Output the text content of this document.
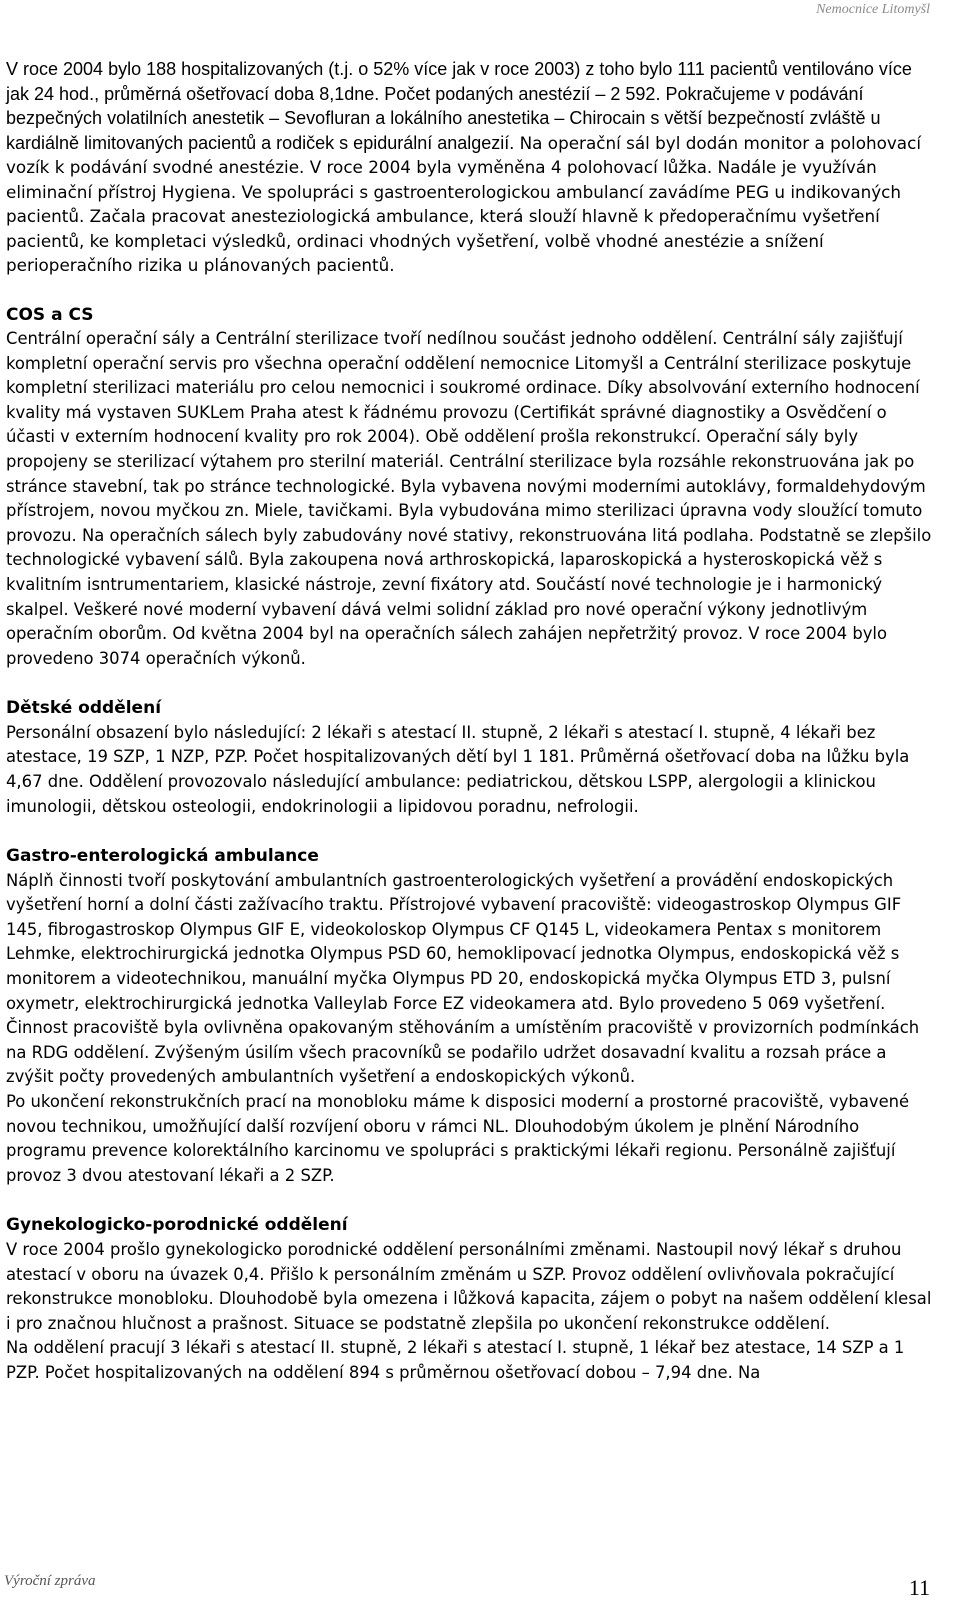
Nemocnice Litomyšl

V roce 2004 bylo 188 hospitalizovaných (t.j. o 52% více jak v roce 2003) z toho bylo 111 pacientů ventilováno více jak 24 hod., průměrná ošetřovací doba 8,1dne. Počet podaných anestézií – 2 592. Pokračujeme v podávání bezpečných volatilních anestetik – Sevofluran a lokálního anestetika – Chirocain s větší bezpečností zvláště u kardiálně limitovaných pacientů a rodiček s epidurální analgezií. Na operační sál byl dodán monitor a polohovací vozík k podávání svodné anestézie. V roce 2004 byla vyměněna 4 polohovací lůžka. Nadále je využíván eliminační přístroj Hygiena. Ve spolupráci s gastroenterologickou ambulancí zavádíme PEG u indikovaných pacientů. Začala pracovat anesteziologická ambulance, která slouží hlavně k předoperačnímu vyšetření pacientů, ke kompletaci výsledků, ordinaci vhodných vyšetření, volbě vhodné anestézie a snížení perioperačního rizika u plánovaných pacientů.

COS a CS

Centrální operační sály a Centrální sterilizace tvoří nedílnou součást jednoho oddělení. Centrální sály zajišťují kompletní operační servis pro všechna operační oddělení nemocnice Litomyšl a Centrální sterilizace poskytuje kompletní sterilizaci materiálu pro celou nemocnici i soukromé ordinace. Díky absolvování externího hodnocení kvality má vystaven SUKLem Praha atest k řádnému provozu (Certifikát správné diagnostiky a Osvědčení o účasti v externím hodnocení kvality pro rok 2004). Obě oddělení prošla rekonstrukcí. Operační sály byly propojeny se sterilizací výtahem pro sterilní materiál. Centrální sterilizace byla rozsáhle rekonstruována jak po stránce stavební, tak po stránce technologické. Byla vybavena novými moderními autoklávy, formaldehydovým přístrojem, novou myčkou zn. Miele, tavičkami. Byla vybudována mimo sterilizaci úpravna vody sloužící tomuto provozu. Na operačních sálech byly zabudovány nové stativy, rekonstruována litá podlaha. Podstatně se zlepšilo technologické vybavení sálů. Byla zakoupena nová arthroskopická, laparoskopická a hysteroskopická věž s kvalitním isntrumentariem, klasické nástroje, zevní fixátory atd. Součástí nové technologie je i harmonický skalpel. Veškeré nové moderní vybavení dává velmi solidní základ pro nové operační výkony jednotlivým operačním oborům. Od května 2004 byl na operačních sálech zahájen nepřetržitý provoz. V roce 2004 bylo provedeno 3074 operačních výkonů.

Dětské oddělení

Personální obsazení bylo následující: 2 lékaři s atestací II. stupně, 2 lékaři s atestací I. stupně, 4 lékaři bez atestace, 19 SZP, 1 NZP, PZP. Počet hospitalizovaných dětí byl 1 181. Průměrná ošetřovací doba na lůžku byla 4,67 dne. Oddělení provozovalo následující ambulance: pediatrickou, dětskou LSPP, alergologii a klinickou imunologii, dětskou osteologii, endokrinologii a lipidovou poradnu, nefrologii.

Gastro-enterologická ambulance

Náplň činnosti tvoří poskytování ambulantních gastroenterologických vyšetření a provádění endoskopických vyšetření horní a dolní části zažívacího traktu. Přístrojové vybavení pracoviště: videogastroskop Olympus GIF 145, fibrogastroskop Olympus GIF E, videokoloskop Olympus CF Q145 L, videokamera Pentax s monitorem Lehmke, elektrochirurgická jednotka Olympus PSD 60, hemoklipovací jednotka Olympus, endoskopická věž s monitorem a videotechnikou, manuální myčka Olympus PD 20, endoskopická myčka Olympus ETD 3, pulsní oxymetr, elektrochirurgická jednotka Valleylab Force EZ videokamera atd. Bylo provedeno 5 069 vyšetření. Činnost pracoviště byla ovlivněna opakovaným stěhováním a umístěním pracoviště v provizorních podmínkách na RDG oddělení. Zvýšeným úsilím všech pracovníků se podařilo udržet dosavadní kvalitu a rozsah práce a zvýšit počty provedených ambulantních vyšetření a endoskopických výkonů.

Po ukončení rekonstrukčních prací na monobloku máme k disposici moderní a prostorné pracoviště, vybavené novou technikou, umožňující další rozvíjení oboru v rámci NL. Dlouhodobým úkolem je plnění Národního programu prevence kolorektálního karcinomu ve spolupráci s praktickými lékaři regionu. Personálně zajišťují provoz 3 dvou atestovaní lékaři a 2 SZP.

Gynekologicko-porodnické oddělení

V roce 2004 prošlo gynekologicko porodnické oddělení personálními změnami. Nastoupil nový lékař s druhou atestací v oboru na úvazek 0,4. Přišlo k personálním změnám u SZP. Provoz oddělení ovlivňovala pokračující rekonstrukce monobloku. Dlouhodobě byla omezena i lůžková kapacita, zájem o pobyt na našem oddělení klesal i pro značnou hlučnost a prašnost. Situace se podstatně zlepšila po ukončení rekonstrukce oddělení.

Na oddělení pracují 3 lékaři s atestací II. stupně, 2 lékaři s atestací I. stupně, 1 lékař bez atestace, 14 SZP a 1 PZP. Počet hospitalizovaných na oddělení 894 s průměrnou ošetřovací dobou – 7,94 dne. Na

Výroční zpráva	11
